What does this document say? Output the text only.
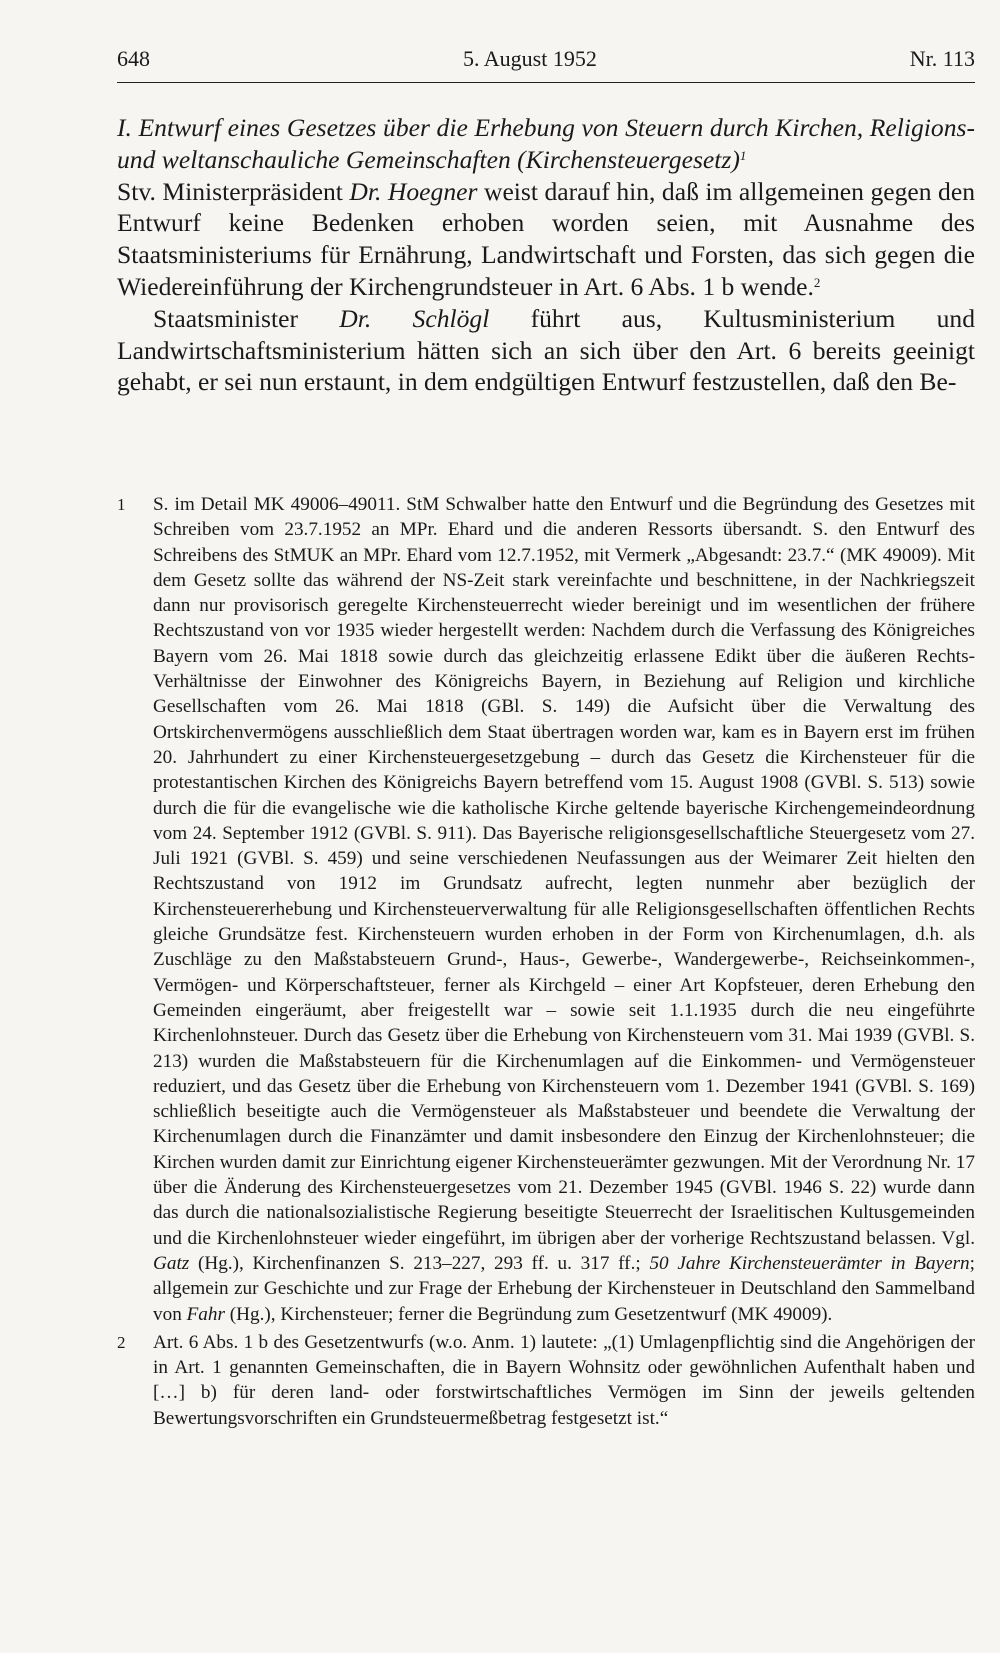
648	5. August 1952	Nr. 113

I. Entwurf eines Gesetzes über die Erhebung von Steuern durch Kirchen, Religions- und weltanschauliche Gemeinschaften (Kirchensteuergesetz)$^1$

Stv. Ministerpräsident Dr. Hoegner weist darauf hin, daß im allgemeinen gegen den Entwurf keine Bedenken erhoben worden seien, mit Ausnahme des Staatsministeriums für Ernährung, Landwirtschaft und Forsten, das sich gegen die Wiedereinführung der Kirchengrundsteuer in Art. 6 Abs. 1 b wende.$^2$

Staatsminister Dr. Schlögl führt aus, Kultusministerium und Landwirtschaftsministerium hätten sich an sich über den Art. 6 bereits geeinigt gehabt, er sei nun erstaunt, in dem endgültigen Entwurf festzustellen, daß den Be-

1 S. im Detail MK 49006–49011. StM Schwalber hatte den Entwurf und die Begründung des Gesetzes mit Schreiben vom 23.7.1952 an MPr. Ehard und die anderen Ressorts übersandt. S. den Entwurf des Schreibens des StMUK an MPr. Ehard vom 12.7.1952, mit Vermerk „Abgesandt: 23.7.“ (MK 49009). Mit dem Gesetz sollte das während der NS-Zeit stark vereinfachte und beschnittene, in der Nachkriegszeit dann nur provisorisch geregelte Kirchensteuerrecht wieder bereinigt und im wesentlichen der frühere Rechtszustand von vor 1935 wieder hergestellt werden: Nachdem durch die Verfassung des Königreiches Bayern vom 26. Mai 1818 sowie durch das gleichzeitig erlassene Edikt über die äußeren Rechts-Verhältnisse der Einwohner des Königreichs Bayern, in Beziehung auf Religion und kirchliche Gesellschaften vom 26. Mai 1818 (GBl. S. 149) die Aufsicht über die Verwaltung des Ortskirchenvermögens ausschließlich dem Staat übertragen worden war, kam es in Bayern erst im frühen 20. Jahrhundert zu einer Kirchensteuergesetzgebung – durch das Gesetz die Kirchensteuer für die protestantischen Kirchen des Königreichs Bayern betreffend vom 15. August 1908 (GVBl. S. 513) sowie durch die für die evangelische wie die katholische Kirche geltende bayerische Kirchengemeindeordnung vom 24. September 1912 (GVBl. S. 911). Das Bayerische religionsgesellschaftliche Steuergesetz vom 27. Juli 1921 (GVBl. S. 459) und seine verschiedenen Neufassungen aus der Weimarer Zeit hielten den Rechtszustand von 1912 im Grundsatz aufrecht, legten nunmehr aber bezüglich der Kirchensteuererhebung und Kirchensteuerverwaltung für alle Religionsgesellschaften öffentlichen Rechts gleiche Grundsätze fest. Kirchensteuern wurden erhoben in der Form von Kirchenumlagen, d.h. als Zuschläge zu den Maßstabsteuern Grund-, Haus-, Gewerbe-, Wandergewerbe-, Reichseinkommen-, Vermögen- und Körperschaftsteuer, ferner als Kirchgeld – einer Art Kopfsteuer, deren Erhebung den Gemeinden eingeräumt, aber freigestellt war – sowie seit 1.1.1935 durch die neu eingeführte Kirchenlohnsteuer. Durch das Gesetz über die Erhebung von Kirchensteuern vom 31. Mai 1939 (GVBl. S. 213) wurden die Maßstabsteuern für die Kirchenumlagen auf die Einkommen- und Vermögensteuer reduziert, und das Gesetz über die Erhebung von Kirchensteuern vom 1. Dezember 1941 (GVBl. S. 169) schließlich beseitigte auch die Vermögensteuer als Maßstabsteuer und beendete die Verwaltung der Kirchenumlagen durch die Finanzämter und damit insbesondere den Einzug der Kirchenlohnsteuer; die Kirchen wurden damit zur Einrichtung eigener Kirchensteuerämter gezwungen. Mit der Verordnung Nr. 17 über die Änderung des Kirchensteuergesetzes vom 21. Dezember 1945 (GVBl. 1946 S. 22) wurde dann das durch die nationalsozialistische Regierung beseitigte Steuerrecht der Israelitischen Kultusgemeinden und die Kirchenlohnsteuer wieder eingeführt, im übrigen aber der vorherige Rechtszustand belassen. Vgl. Gatz (Hg.), Kirchenfinanzen S. 213–227, 293 ff. u. 317 ff.; 50 Jahre Kirchensteuerämter in Bayern; allgemein zur Geschichte und zur Frage der Erhebung der Kirchensteuer in Deutschland den Sammelband von Fahr (Hg.), Kirchensteuer; ferner die Begründung zum Gesetzentwurf (MK 49009).
2 Art. 6 Abs. 1 b des Gesetzentwurfs (w.o. Anm. 1) lautete: „(1) Umlagenpflichtig sind die Angehörigen der in Art. 1 genannten Gemeinschaften, die in Bayern Wohnsitz oder gewöhnlichen Aufenthalt haben und […] b) für deren land- oder forstwirtschaftliches Vermögen im Sinn der jeweils geltenden Bewertungsvorschriften ein Grundsteuermeßbetrag festgesetzt ist.“
